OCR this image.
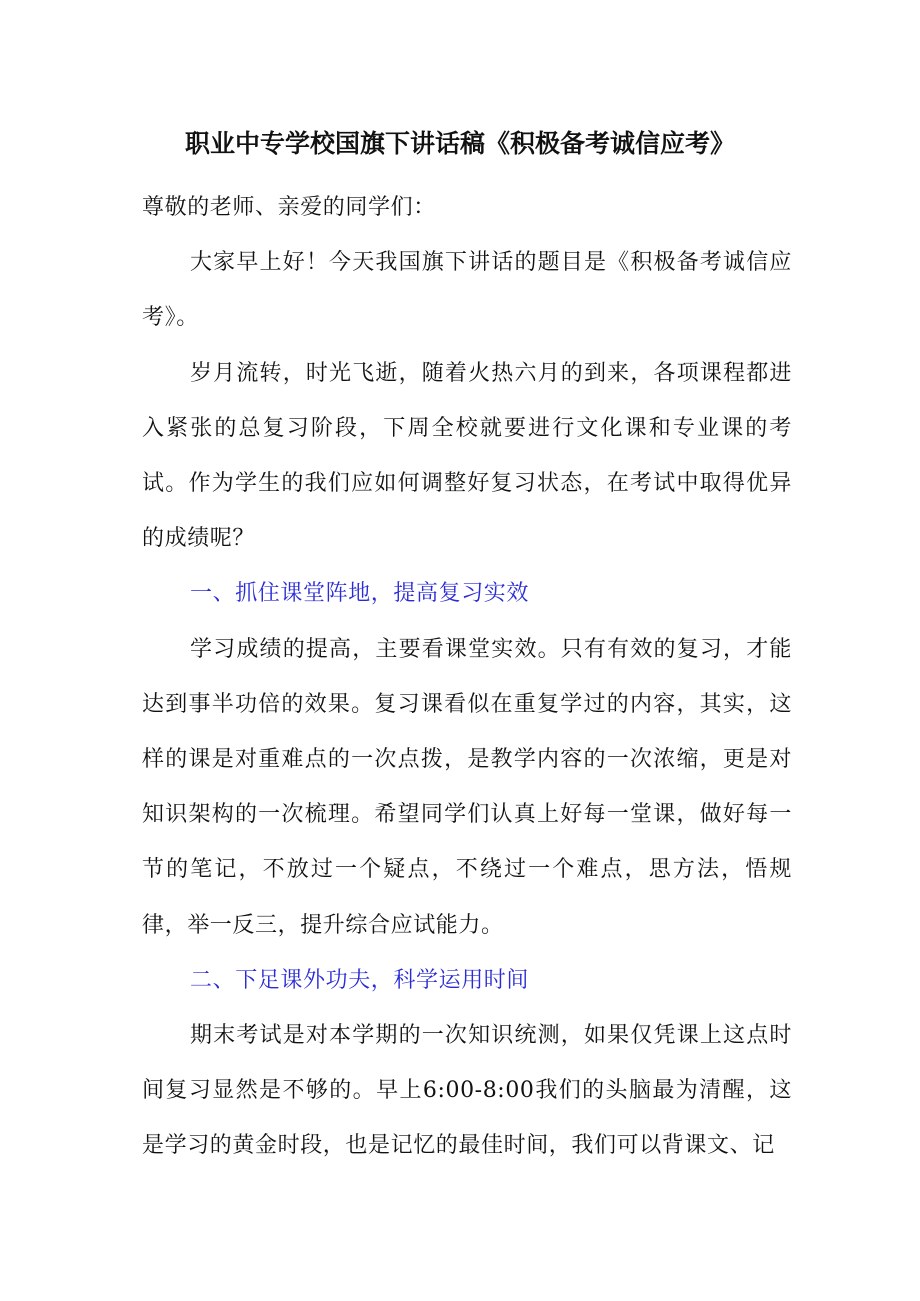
职业中专学校国旗下讲话稿《积极备考诚信应考》

尊敬的老师、亲爱的同学们：

大家早上好！今天我国旗下讲话的题目是《积极备考诚信应考》。

岁月流转，时光飞逝，随着火热六月的到来，各项课程都进入紧张的总复习阶段，下周全校就要进行文化课和专业课的考试。作为学生的我们应如何调整好复习状态，在考试中取得优异的成绩呢？

一、抓住课堂阵地，提高复习实效

学习成绩的提高，主要看课堂实效。只有有效的复习，才能达到事半功倍的效果。复习课看似在重复学过的内容，其实，这样的课是对重难点的一次点拨，是教学内容的一次浓缩，更是对知识架构的一次梳理。希望同学们认真上好每一堂课，做好每一节的笔记，不放过一个疑点，不绕过一个难点，思方法，悟规律，举一反三，提升综合应试能力。

二、下足课外功夫，科学运用时间

期末考试是对本学期的一次知识统测，如果仅凭课上这点时间复习显然是不够的。早上6:00-8:00我们的头脑最为清醒，这是学习的黄金时段，也是记忆的最佳时间，我们可以背课文、记
